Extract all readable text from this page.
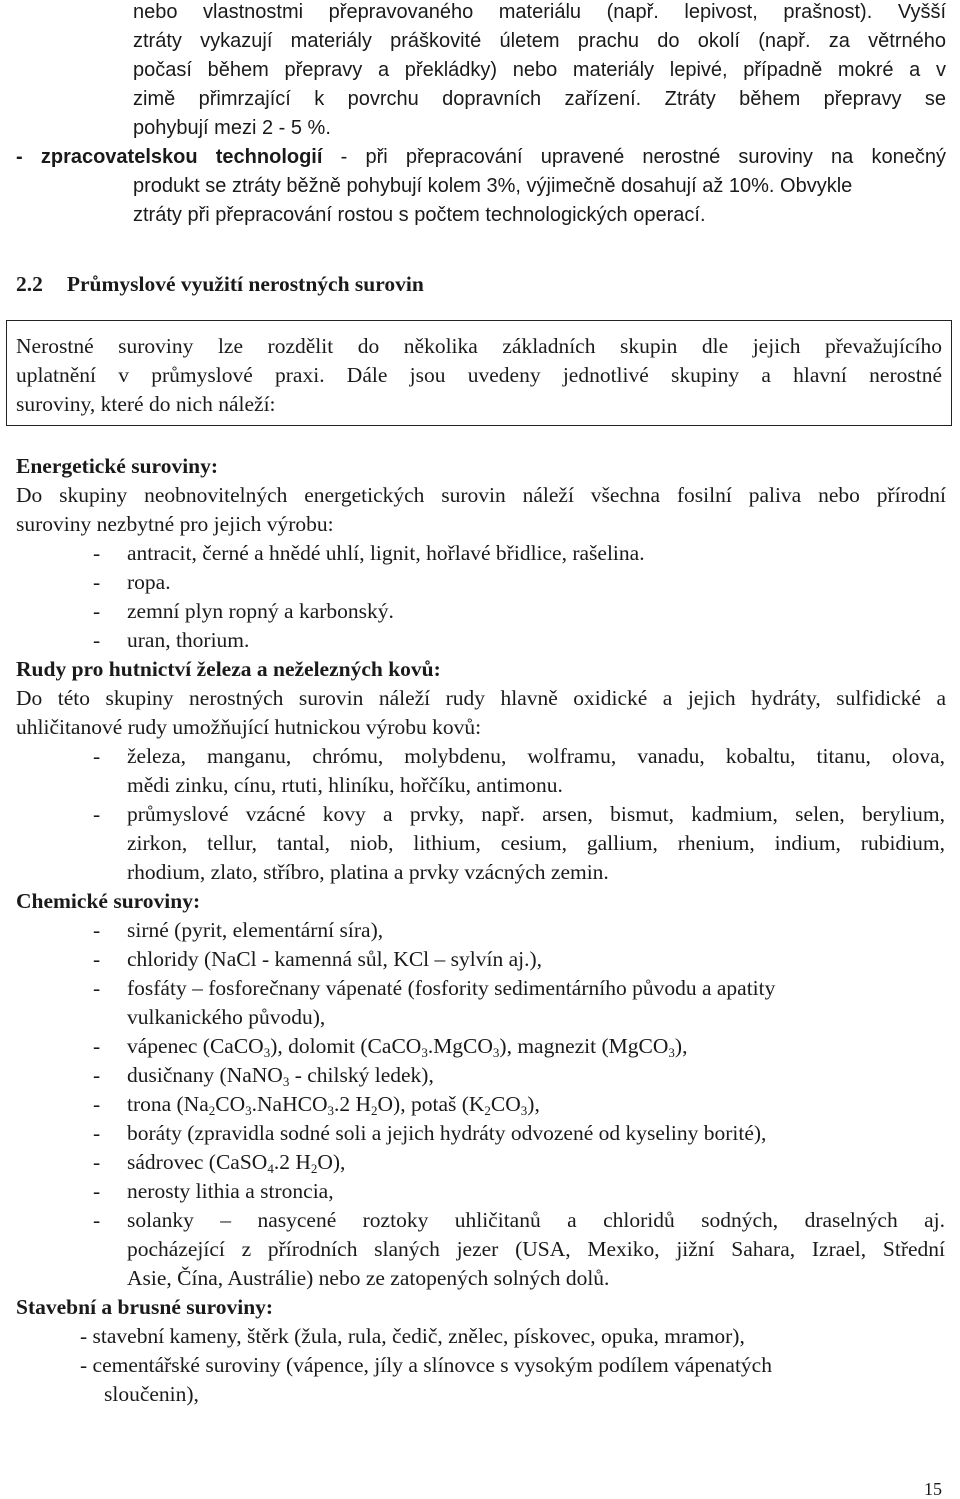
nebo vlastnostmi přepravovaného materiálu (např. lepivost, prašnost). Vyšší
ztráty vykazují materiály práškovité úletem prachu do okolí (např. za větrného
počasí během přepravy a překládky) nebo materiály lepivé, případně mokré a v
zimě přimrzající k povrchu dopravních zařízení. Ztráty během přepravy se
pohybují mezi 2 - 5 %.
- zpracovatelskou technologií - při přepracování upravené nerostné suroviny na konečný
produkt se ztráty běžně pohybují kolem 3%, výjimečně dosahují až 10%. Obvykle
ztráty při přepracování rostou s počtem technologických operací.
2.2 Průmyslové využití nerostných surovin
Nerostné suroviny lze rozdělit do několika základních skupin dle jejich převažujícího
uplatnění v průmyslové praxi. Dále jsou uvedeny jednotlivé skupiny a hlavní nerostné
suroviny, které do nich náleží:
Energetické suroviny:
Do skupiny neobnovitelných energetických surovin náleží všechna fosilní paliva nebo přírodní
suroviny nezbytné pro jejich výrobu:
- antracit, černé a hnědé uhlí, lignit, hořlavé břidlice, rašelina.
- ropa.
- zemní plyn ropný a karbonský.
- uran, thorium.
Rudy pro hutnictví železa a neželezných kovů:
Do této skupiny nerostných surovin náleží rudy hlavně oxidické a jejich hydráty, sulfidické a
uhličitanové rudy umožňující hutnickou výrobu kovů:
- železa, manganu, chrómu, molybdenu, wolframu, vanadu, kobaltu, titanu, olova,
mědi zinku, cínu, rtuti, hliníku, hořčíku, antimonu.
- průmyslové vzácné kovy a prvky, např. arsen, bismut, kadmium, selen, berylium,
zirkon, tellur, tantal, niob, lithium, cesium, gallium, rhenium, indium, rubidium,
rhodium, zlato, stříbro, platina a prvky vzácných zemin.
Chemické suroviny:
- sirné (pyrit, elementární síra),
- chloridy (NaCl - kamenná sůl, KCl – sylvín aj.),
- fosfáty – fosforečnany vápenaté (fosfority sedimentárního původu a apatity
vulkanického původu),
- vápenec (CaCO$_3$), dolomit (CaCO$_3$.MgCO$_3$), magnezit (MgCO$_3$),
- dusičnany (NaNO$_3$ - chilský ledek),
- trona ($Na_2CO_3.NaHCO_3.2$ $H_2O$), potaš $(K_2CO_3)$,
- boráty (zpravidla sodné soli a jejich hydráty odvozené od kyseliny borité),
- sádrovec (CaSO$_4$.2 $H_2O$),
- nerosty lithia a stroncia,
- solanky – nasycené roztoky uhličitanů a chloridů sodných, draselných aj.
pocházející z přírodních slaných jezer (USA, Mexiko, jižní Sahara, Izrael, Střední
Asie, Čína, Austrálie) nebo ze zatopených solných dolů.
Stavební a brusné suroviny:
- stavební kameny, štěrk (žula, rula, čedič, znělec, pískovec, opuka, mramor),
- cementářské suroviny (vápence, jíly a slínovce s vysokým podílem vápenatých
sloučenin),
15
